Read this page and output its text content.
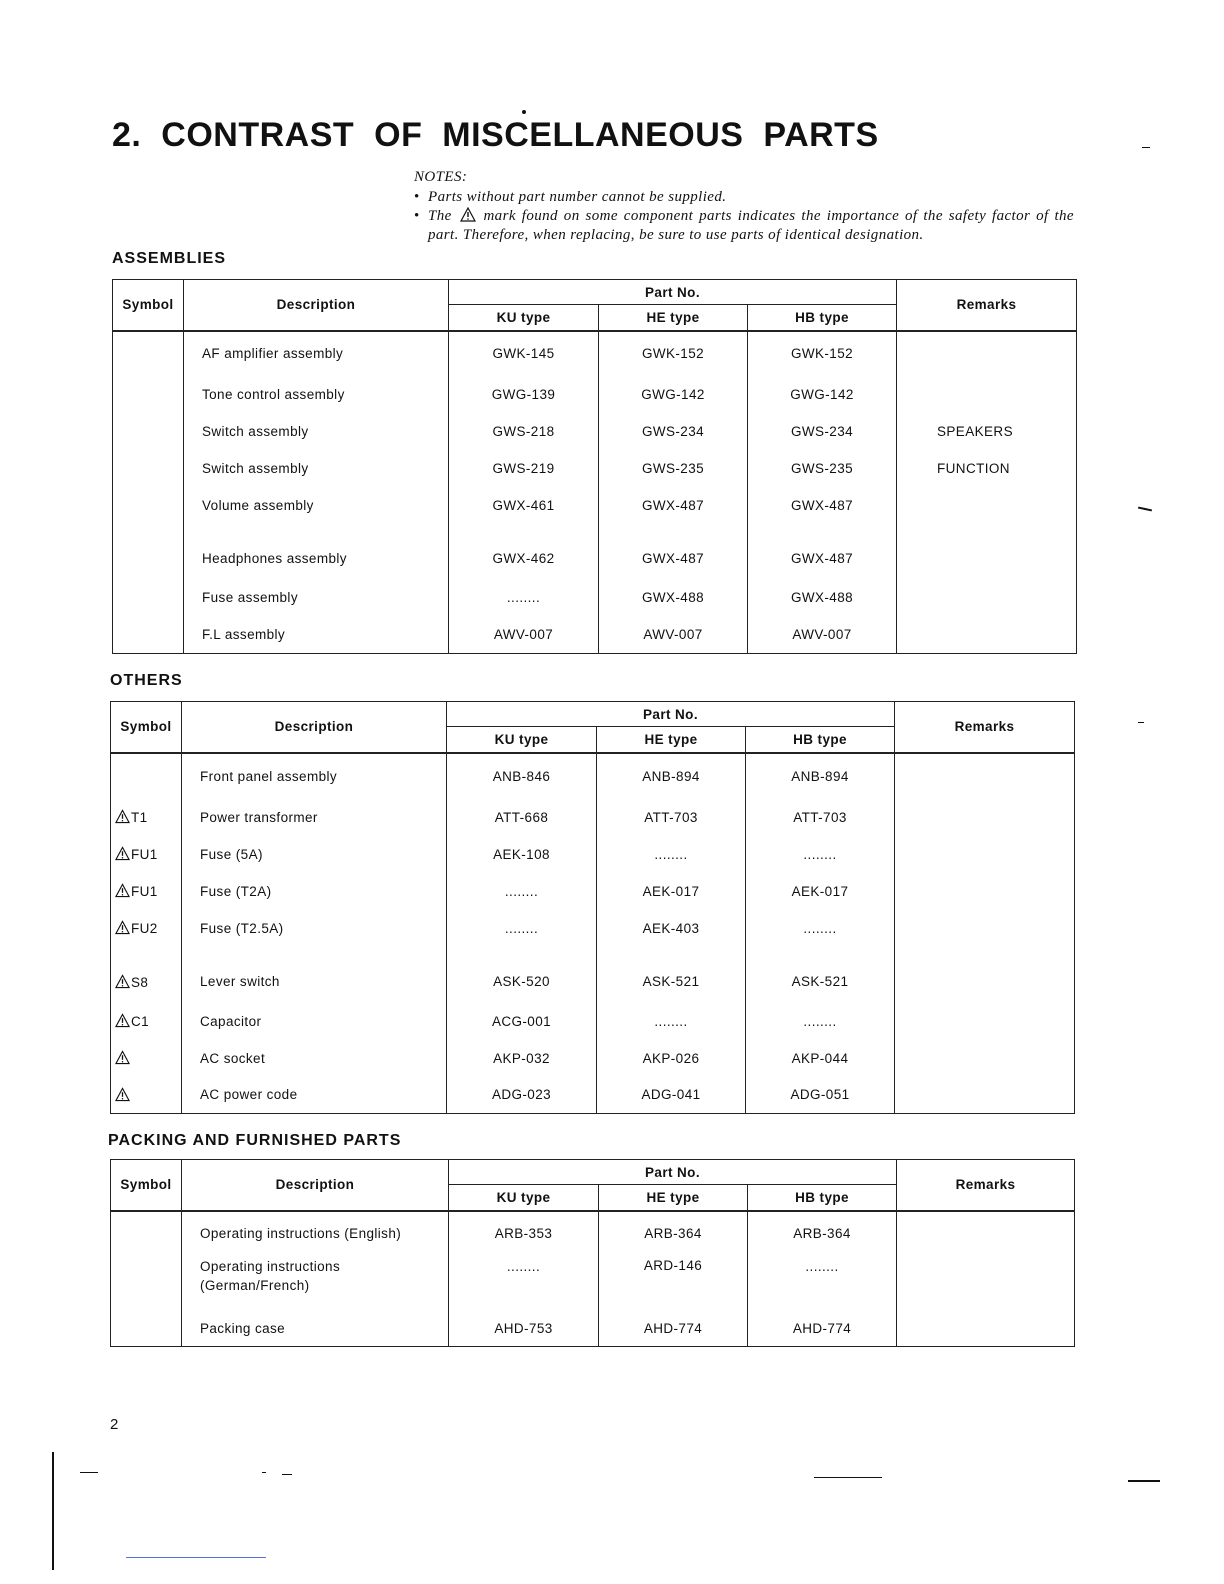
2. CONTRAST OF MISCELLANEOUS PARTS

NOTES:

• Parts without part number cannot be supplied.
• The mark found on some component parts indicates the importance of the safety factor of the part. Therefore, when replacing, be sure to use parts of identical designation.
ASSEMBLIES
Symbol	Description	Part No.			Remarks
		KU type	HE type	HB type	
	AF amplifier assembly	GWK-145	GWK-152	GWK-152	
	Tone control assembly	GWG-139	GWG-142	GWG-142	
	Switch assembly	GWS-218	GWS-234	GWS-234	SPEAKERS
	Switch assembly	GWS-219	GWS-235	GWS-235	FUNCTION
	Volume assembly	GWX-461	GWX-487	GWX-487	
	Headphones assembly	GWX-462	GWX-487	GWX-487	
	Fuse assembly	........	GWX-488	GWX-488	
	F.L assembly	AWV-007	AWV-007	AWV-007	
OTHERS
Symbol	Description	Part No.			Remarks
		KU type	HE type	HB type	
	Front panel assembly	ANB-846	ANB-894	ANB-894	
T1	Power transformer	ATT-668	ATT-703	ATT-703	
FU1	Fuse (5A)	AEK-108	........	........	
FU1	Fuse (T2A)	........	AEK-017	AEK-017	
FU2	Fuse (T2.5A)	........	AEK-403	........	
S8	Lever switch	ASK-520	ASK-521	ASK-521	
C1	Capacitor	ACG-001	........	........	
	AC socket	AKP-032	AKP-026	AKP-044	
	AC power code	ADG-023	ADG-041	ADG-051	
PACKING AND FURNISHED PARTS
Symbol	Description	Part No.			Remarks
		KU type	HE type	HB type	
	Operating instructions (English)	ARB-353	ARB-364	ARB-364	

	Operating instructions
(German/French)	........	ARD-146	........	
	Packing case	AHD-753	AHD-774	AHD-774	

2
